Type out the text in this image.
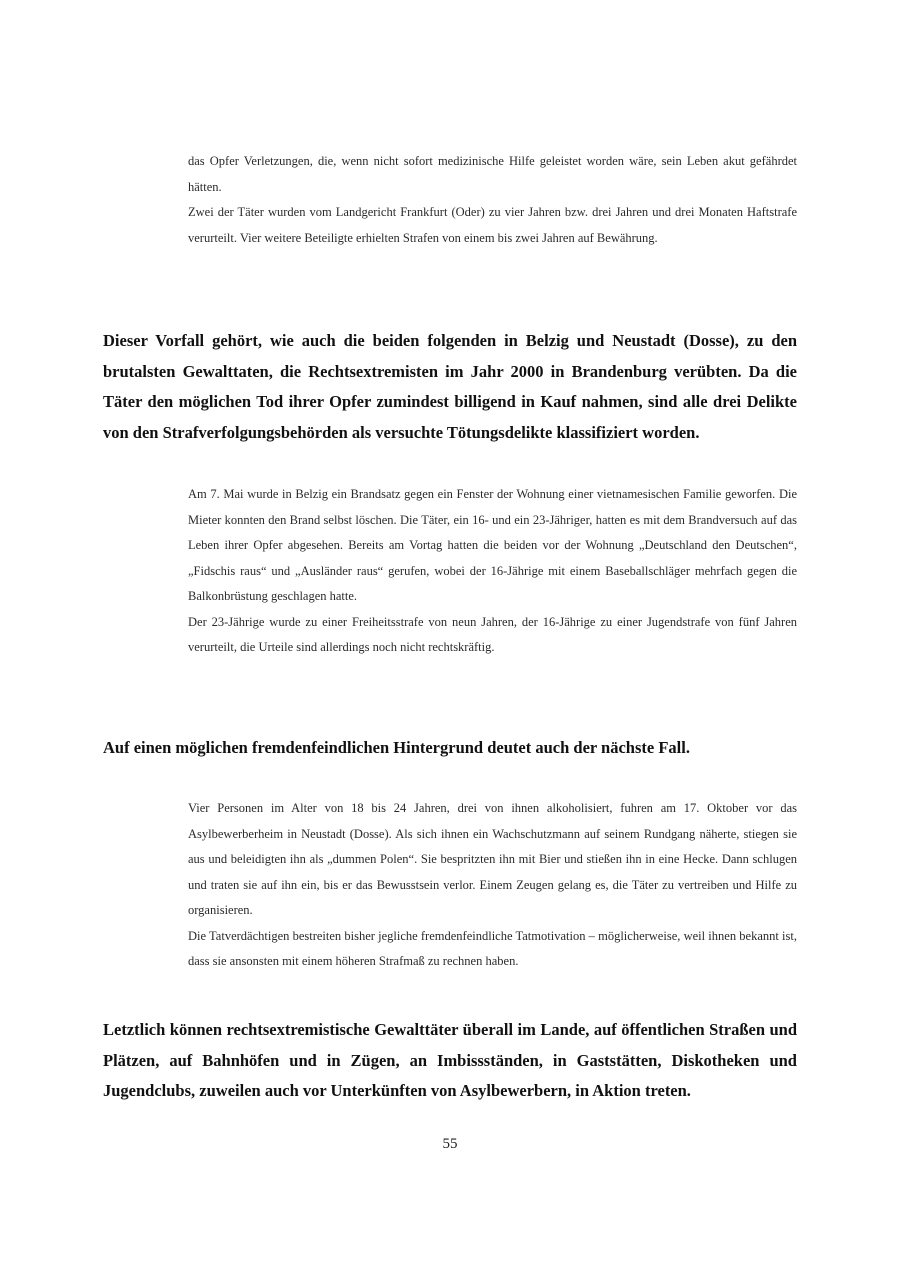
das Opfer Verletzungen, die, wenn nicht sofort medizinische Hilfe geleistet worden wäre, sein Leben akut gefährdet hätten.

Zwei der Täter wurden vom Landgericht Frankfurt (Oder) zu vier Jahren bzw. drei Jahren und drei Monaten Haftstrafe verurteilt. Vier weitere Beteiligte erhielten Strafen von einem bis zwei Jahren auf Bewährung.

Dieser Vorfall gehört, wie auch die beiden folgenden in Belzig und Neustadt (Dosse), zu den brutalsten Gewalttaten, die Rechtsextremisten im Jahr 2000 in Brandenburg verübten. Da die Täter den möglichen Tod ihrer Opfer zumindest billigend in Kauf nahmen, sind alle drei Delikte von den Strafverfolgungsbehörden als versuchte Tötungsdelikte klassifiziert worden.

Am 7. Mai wurde in Belzig ein Brandsatz gegen ein Fenster der Wohnung einer vietnamesischen Familie geworfen. Die Mieter konnten den Brand selbst löschen. Die Täter, ein 16- und ein 23-Jähriger, hatten es mit dem Brandversuch auf das Leben ihrer Opfer abgesehen. Bereits am Vortag hatten die beiden vor der Wohnung „Deutschland den Deutschen“, „Fidschis raus“ und „Ausländer raus“ gerufen, wobei der 16-Jährige mit einem Baseballschläger mehrfach gegen die Balkonbrüstung geschlagen hatte.

Der 23-Jährige wurde zu einer Freiheitsstrafe von neun Jahren, der 16-Jährige zu einer Jugendstrafe von fünf Jahren verurteilt, die Urteile sind allerdings noch nicht rechtskräftig.

Auf einen möglichen fremdenfeindlichen Hintergrund deutet auch der nächste Fall.

Vier Personen im Alter von 18 bis 24 Jahren, drei von ihnen alkoholisiert, fuhren am 17. Oktober vor das Asylbewerberheim in Neustadt (Dosse). Als sich ihnen ein Wachschutzmann auf seinem Rundgang näherte, stiegen sie aus und beleidigten ihn als „dummen Polen“. Sie bespritzten ihn mit Bier und stießen ihn in eine Hecke. Dann schlugen und traten sie auf ihn ein, bis er das Bewusstsein verlor. Einem Zeugen gelang es, die Täter zu vertreiben und Hilfe zu organisieren.

Die Tatverdächtigen bestreiten bisher jegliche fremdenfeindliche Tatmotivation – möglicherweise, weil ihnen bekannt ist, dass sie ansonsten mit einem höheren Strafmaß zu rechnen haben.

Letztlich können rechtsextremistische Gewalttäter überall im Lande, auf öffentlichen Straßen und Plätzen, auf Bahnhöfen und in Zügen, an Imbissständen, in Gaststätten, Diskotheken und Jugendclubs, zuweilen auch vor Unterkünften von Asylbewerbern, in Aktion treten.

55
